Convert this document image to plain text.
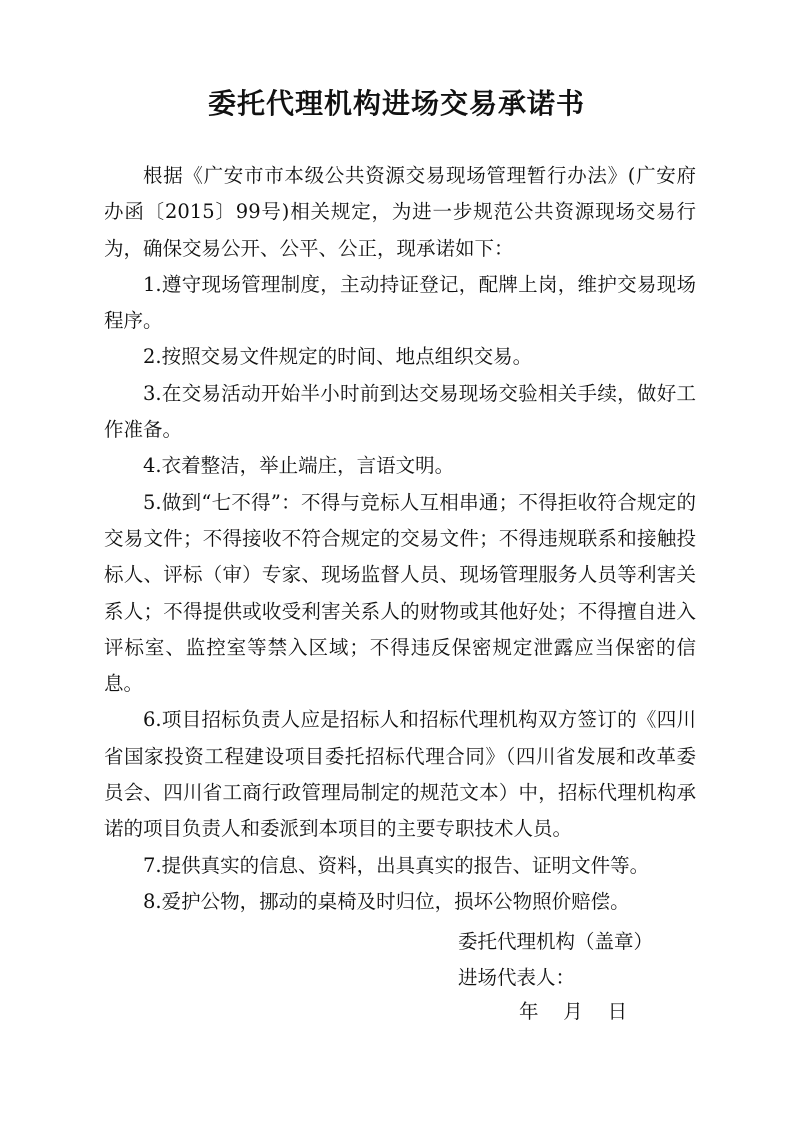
委托代理机构进场交易承诺书

根据《广安市市本级公共资源交易现场管理暂行办法》(广安府办函〔2015〕99号)相关规定，为进一步规范公共资源现场交易行为，确保交易公开、公平、公正，现承诺如下：

1.遵守现场管理制度，主动持证登记，配牌上岗，维护交易现场程序。

2.按照交易文件规定的时间、地点组织交易。

3.在交易活动开始半小时前到达交易现场交验相关手续，做好工作准备。

4.衣着整洁，举止端庄，言语文明。

5.做到“七不得”：不得与竞标人互相串通；不得拒收符合规定的交易文件；不得接收不符合规定的交易文件；不得违规联系和接触投标人、评标（审）专家、现场监督人员、现场管理服务人员等利害关系人；不得提供或收受利害关系人的财物或其他好处；不得擅自进入评标室、监控室等禁入区域；不得违反保密规定泄露应当保密的信息。

6.项目招标负责人应是招标人和招标代理机构双方签订的《四川省国家投资工程建设项目委托招标代理合同》（四川省发展和改革委员会、四川省工商行政管理局制定的规范文本）中，招标代理机构承诺的项目负责人和委派到本项目的主要专职技术人员。

7.提供真实的信息、资料，出具真实的报告、证明文件等。

8.爱护公物，挪动的桌椅及时归位，损坏公物照价赔偿。

委托代理机构（盖章）
进场代表人：
年    月    日
